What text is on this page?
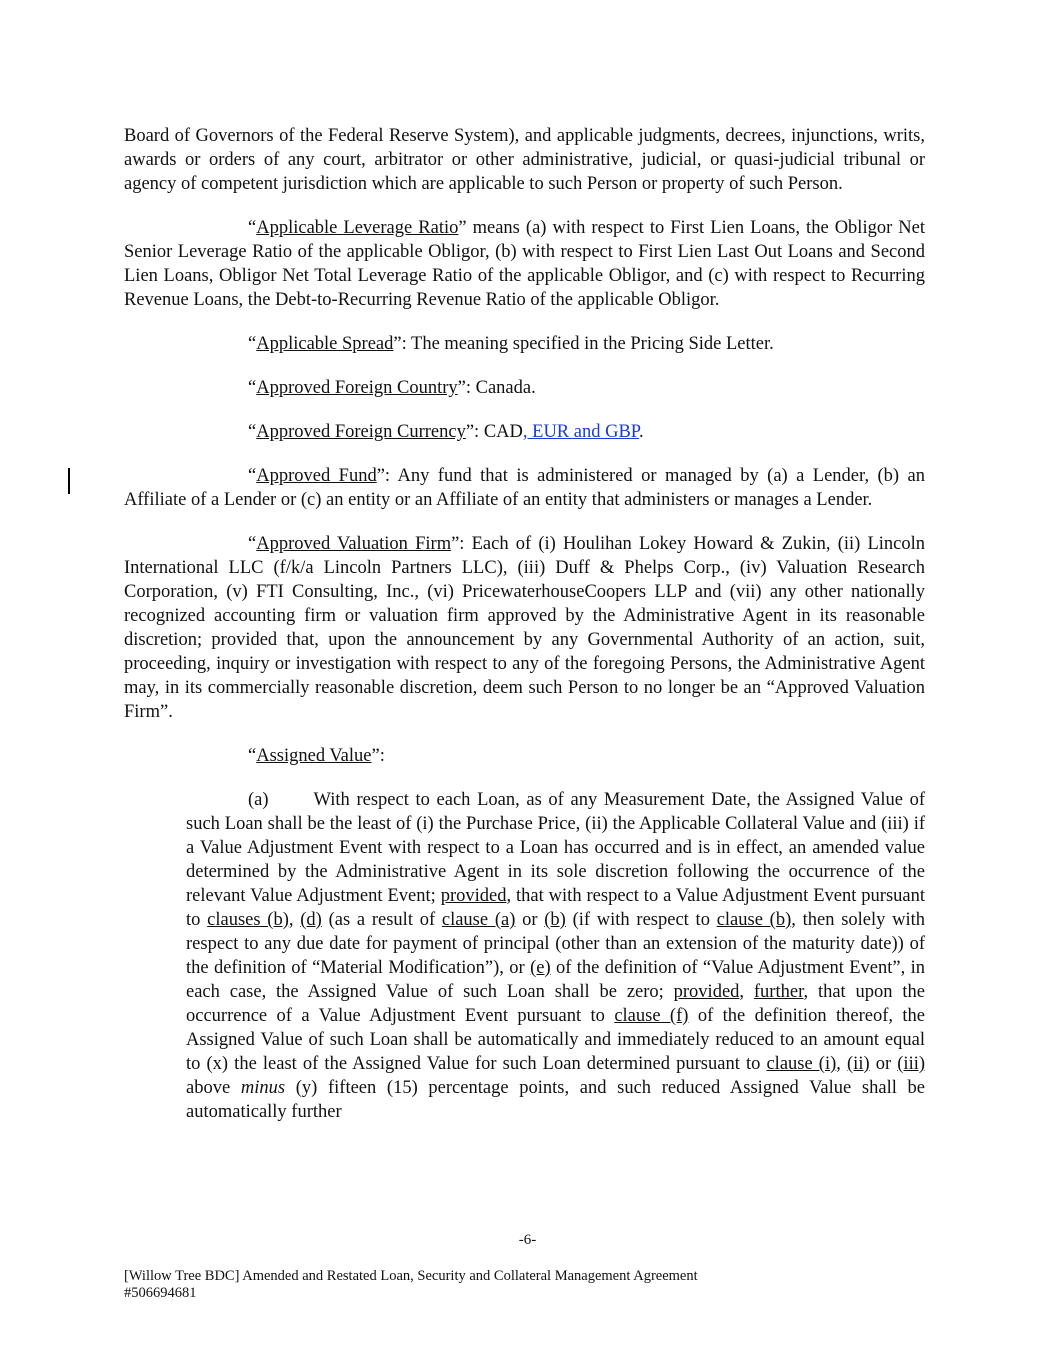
Board of Governors of the Federal Reserve System), and applicable judgments, decrees, injunctions, writs, awards or orders of any court, arbitrator or other administrative, judicial, or quasi-judicial tribunal or agency of competent jurisdiction which are applicable to such Person or property of such Person.

“Applicable Leverage Ratio” means (a) with respect to First Lien Loans, the Obligor Net Senior Leverage Ratio of the applicable Obligor, (b) with respect to First Lien Last Out Loans and Second Lien Loans, Obligor Net Total Leverage Ratio of the applicable Obligor, and (c) with respect to Recurring Revenue Loans, the Debt-to-Recurring Revenue Ratio of the applicable Obligor.

“Applicable Spread”: The meaning specified in the Pricing Side Letter.

“Approved Foreign Country”: Canada.

“Approved Foreign Currency”: CAD, EUR and GBP.

“Approved Fund”: Any fund that is administered or managed by (a) a Lender, (b) an Affiliate of a Lender or (c) an entity or an Affiliate of an entity that administers or manages a Lender.

“Approved Valuation Firm”: Each of (i) Houlihan Lokey Howard & Zukin, (ii) Lincoln International LLC (f/k/a Lincoln Partners LLC), (iii) Duff & Phelps Corp., (iv) Valuation Research Corporation, (v) FTI Consulting, Inc., (vi) PricewaterhouseCoopers LLP and (vii) any other nationally recognized accounting firm or valuation firm approved by the Administrative Agent in its reasonable discretion; provided that, upon the announcement by any Governmental Authority of an action, suit, proceeding, inquiry or investigation with respect to any of the foregoing Persons, the Administrative Agent may, in its commercially reasonable discretion, deem such Person to no longer be an “Approved Valuation Firm”.

“Assigned Value”:

(a) With respect to each Loan, as of any Measurement Date, the Assigned Value of such Loan shall be the least of (i) the Purchase Price, (ii) the Applicable Collateral Value and (iii) if a Value Adjustment Event with respect to a Loan has occurred and is in effect, an amended value determined by the Administrative Agent in its sole discretion following the occurrence of the relevant Value Adjustment Event; provided, that with respect to a Value Adjustment Event pursuant to clauses (b), (d) (as a result of clause (a) or (b) (if with respect to clause (b), then solely with respect to any due date for payment of principal (other than an extension of the maturity date)) of the definition of “Material Modification”), or (e) of the definition of “Value Adjustment Event”, in each case, the Assigned Value of such Loan shall be zero; provided, further, that upon the occurrence of a Value Adjustment Event pursuant to clause (f) of the definition thereof, the Assigned Value of such Loan shall be automatically and immediately reduced to an amount equal to (x) the least of the Assigned Value for such Loan determined pursuant to clause (i), (ii) or (iii) above minus (y) fifteen (15) percentage points, and such reduced Assigned Value shall be automatically further

-6-
[Willow Tree BDC] Amended and Restated Loan, Security and Collateral Management Agreement
#506694681
